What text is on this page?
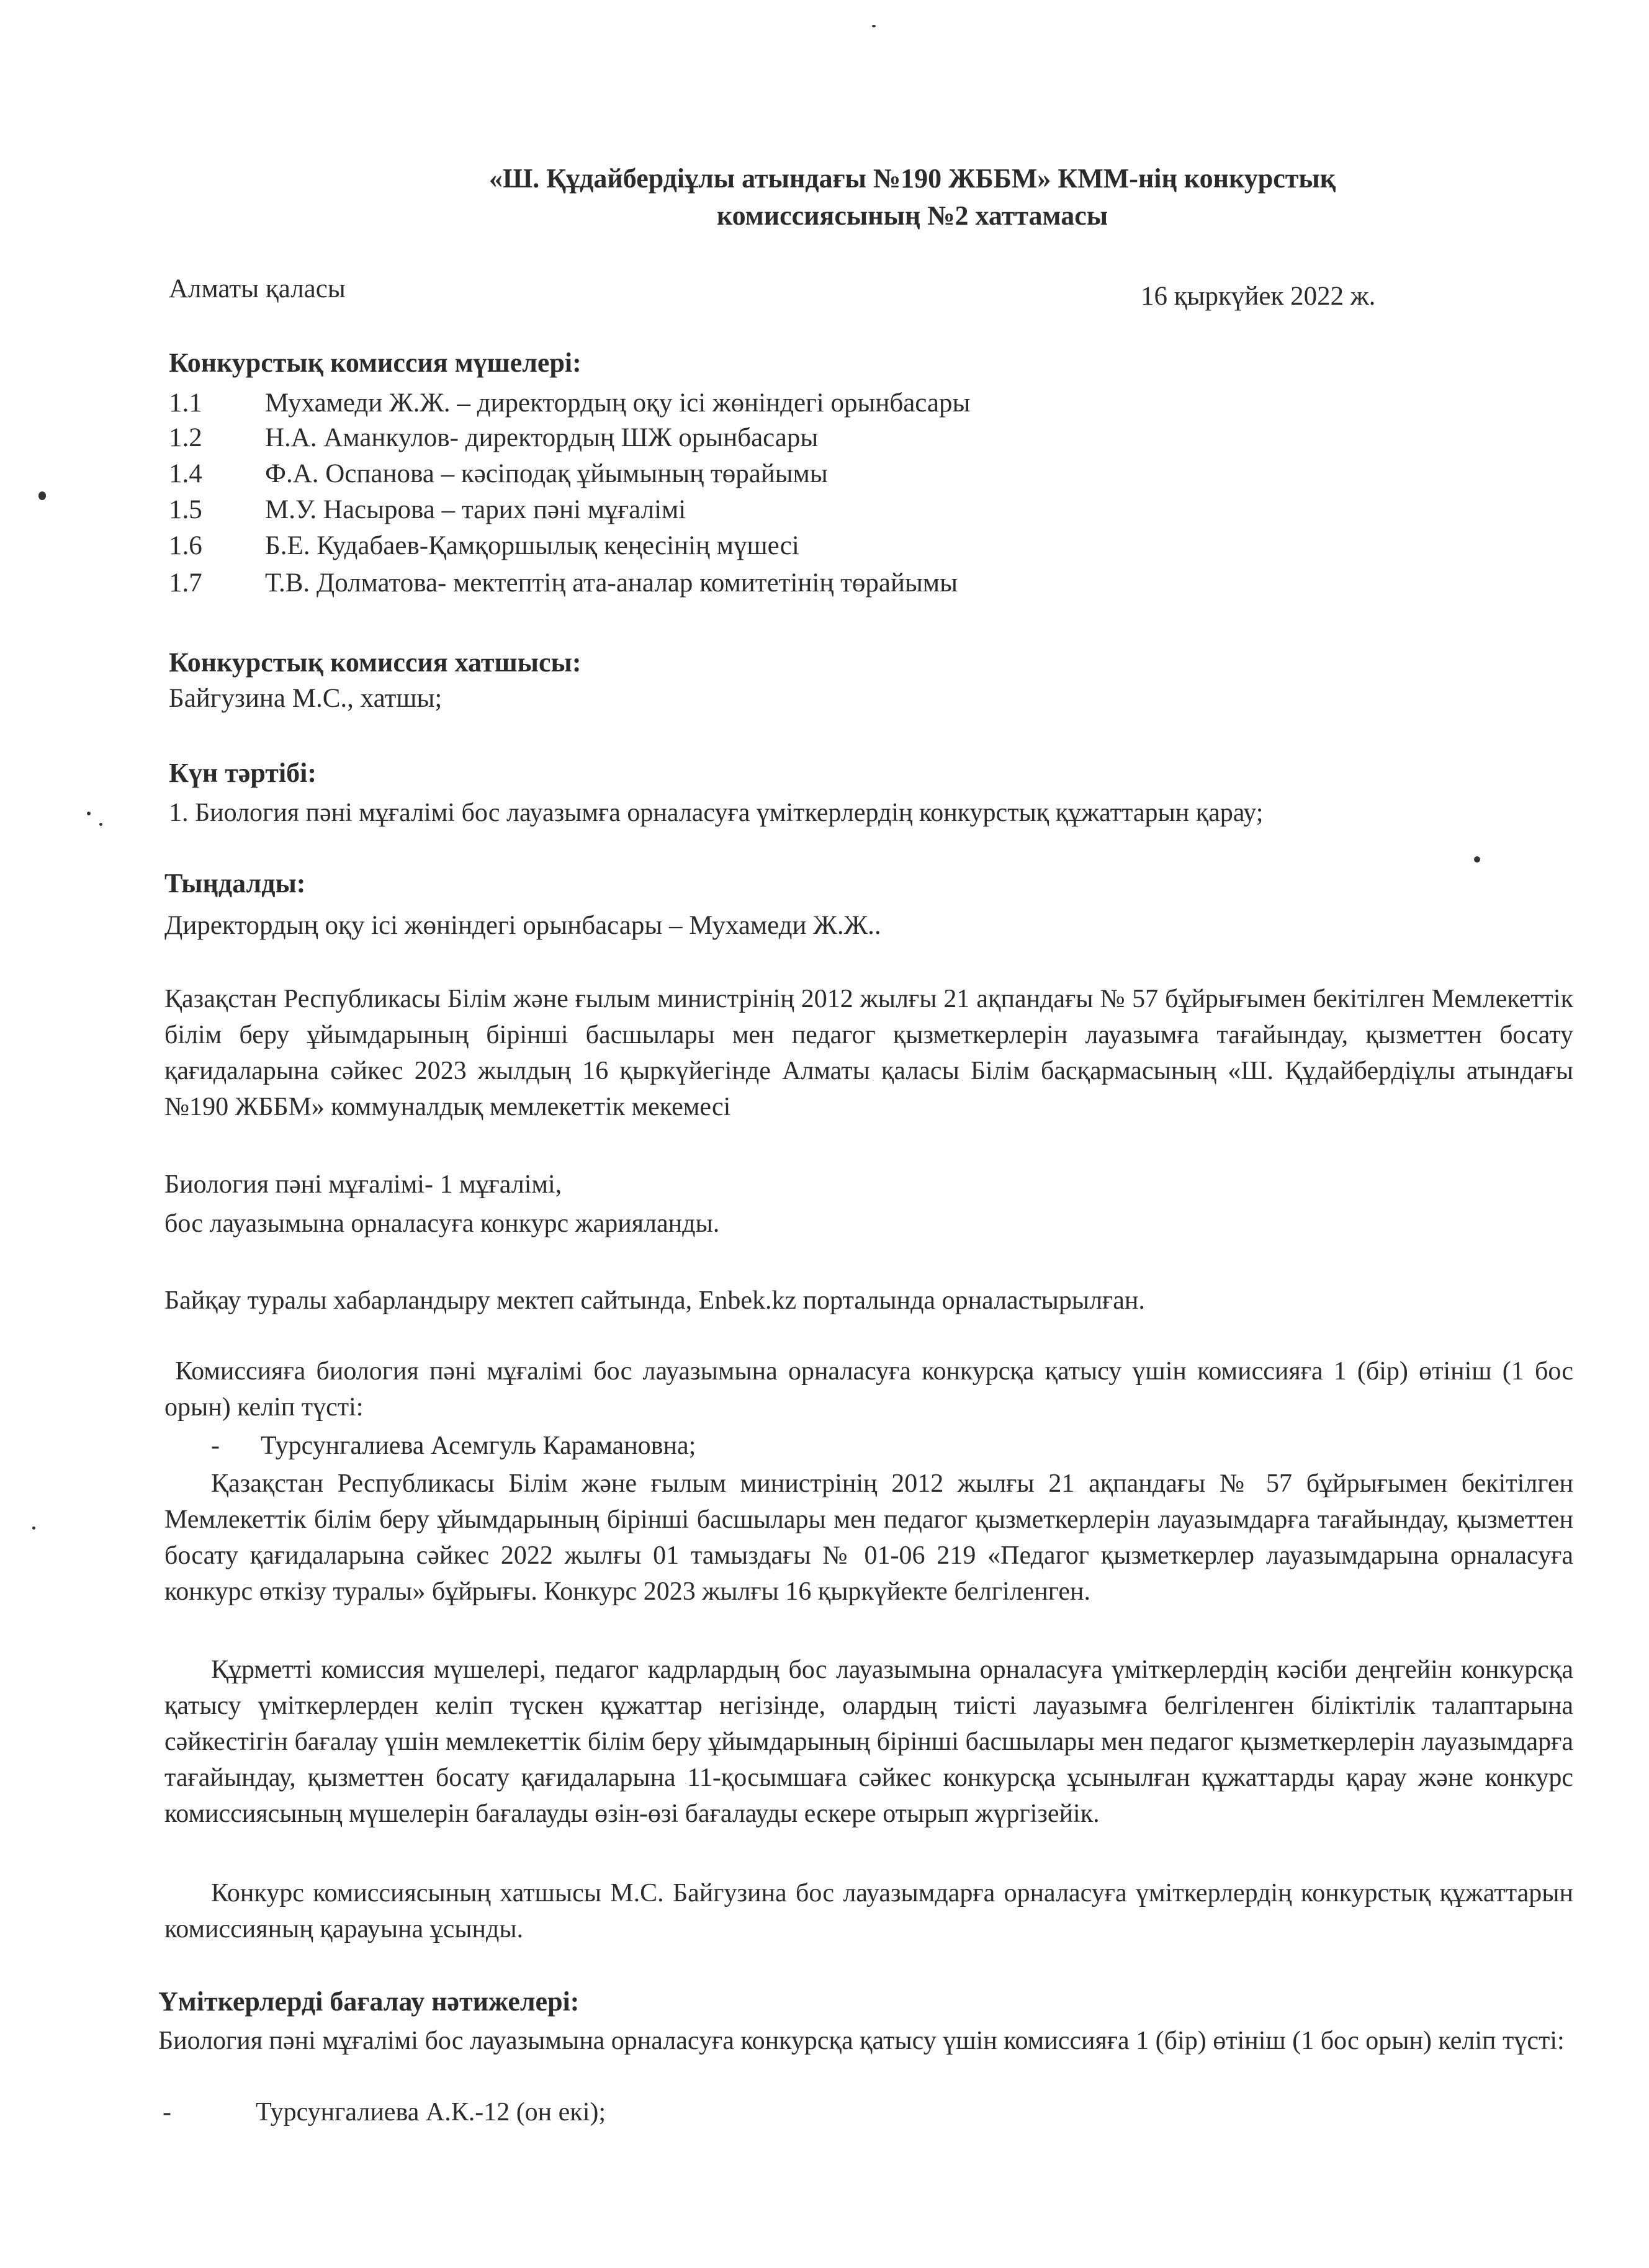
«Ш. Құдайбердіұлы атындағы №190 ЖББМ» КММ-нің конкурстық
комиссиясының №2 хаттамасы
Алматы қаласы	16 қыркүйек 2022 ж.
Конкурстық комиссия мүшелері:
1.1 Мухамеди Ж.Ж. – директордың оқу ісі жөніндегі орынбасары
1.2 Н.А. Аманкулов- директордың ШЖ орынбасары
1.4 Ф.А. Оспанова – кәсіподақ ұйымының төрайымы
1.5 М.У. Насырова – тарих пәні мұғалімі
1.6 Б.Е. Кудабаев-Қамқоршылық кеңесінің мүшесі
1.7 Т.В. Долматова- мектептің ата-аналар комитетінің төрайымы
Конкурстық комиссия хатшысы:
Байгузина М.С., хатшы;
Күн тәртібі:
1. Биология пәні мұғалімі бос лауазымға орналасуға үміткерлердің конкурстық құжаттарын қарау;
Тыңдалды:
Директордың оқу ісі жөніндегі орынбасары – Мухамеди Ж.Ж..
Қазақстан Республикасы Білім және ғылым министрінің 2012 жылғы 21 ақпандағы № 57 бұйрығымен бекітілген Мемлекеттік білім беру ұйымдарының бірінші басшылары мен педагог қызметкерлерін лауазымға тағайындау, қызметтен босату қағидаларына сәйкес 2023 жылдың 16 қыркүйегінде Алматы қаласы Білім басқармасының «Ш. Құдайбердіұлы атындағы №190 ЖББМ» коммуналдық мемлекеттік мекемесі
Биология пәні мұғалімі- 1 мұғалімі,
бос лауазымына орналасуға конкурс жарияланды.
Байқау туралы хабарландыру мектеп сайтында, Enbek.kz порталында орналастырылған.
Комиссияға биология пәні мұғалімі бос лауазымына орналасуға конкурсқа қатысу үшін комиссияға 1 (бір) өтініш (1 бос орын) келіп түсті:
- Турсунгалиева Асемгуль Карамановна;
Қазақстан Республикасы Білім және ғылым министрінің 2012 жылғы 21 ақпандағы № 57 бұйрығымен бекітілген Мемлекеттік білім беру ұйымдарының бірінші басшылары мен педагог қызметкерлерін лауазымдарға тағайындау, қызметтен босату қағидаларына сәйкес 2022 жылғы 01 тамыздағы № 01-06 219 «Педагог қызметкерлер лауазымдарына орналасуға конкурс өткізу туралы» бұйрығы. Конкурс 2023 жылғы 16 қыркүйекте белгіленген.
Құрметті комиссия мүшелері, педагог кадрлардың бос лауазымына орналасуға үміткерлердің кәсіби деңгейін конкурсқа қатысу үміткерлерден келіп түскен құжаттар негізінде, олардың тиісті лауазымға белгіленген біліктілік талаптарына сәйкестігін бағалау үшін мемлекеттік білім беру ұйымдарының бірінші басшылары мен педагог қызметкерлерін лауазымдарға тағайындау, қызметтен босату қағидаларына 11-қосымшаға сәйкес конкурсқа ұсынылған құжаттарды қарау және конкурс комиссиясының мүшелерін бағалауды өзін-өзі бағалауды ескере отырып жүргізейік.
Конкурс комиссиясының хатшысы М.С. Байгузина бос лауазымдарға орналасуға үміткерлердің конкурстық құжаттарын комиссияның қарауына ұсынды.
Үміткерлерді бағалау нәтижелері:
Биология пәні мұғалімі бос лауазымына орналасуға конкурсқа қатысу үшін комиссияға 1 (бір) өтініш (1 бос орын) келіп түсті:
-	Турсунгалиева А.К.-12 (он екі);
